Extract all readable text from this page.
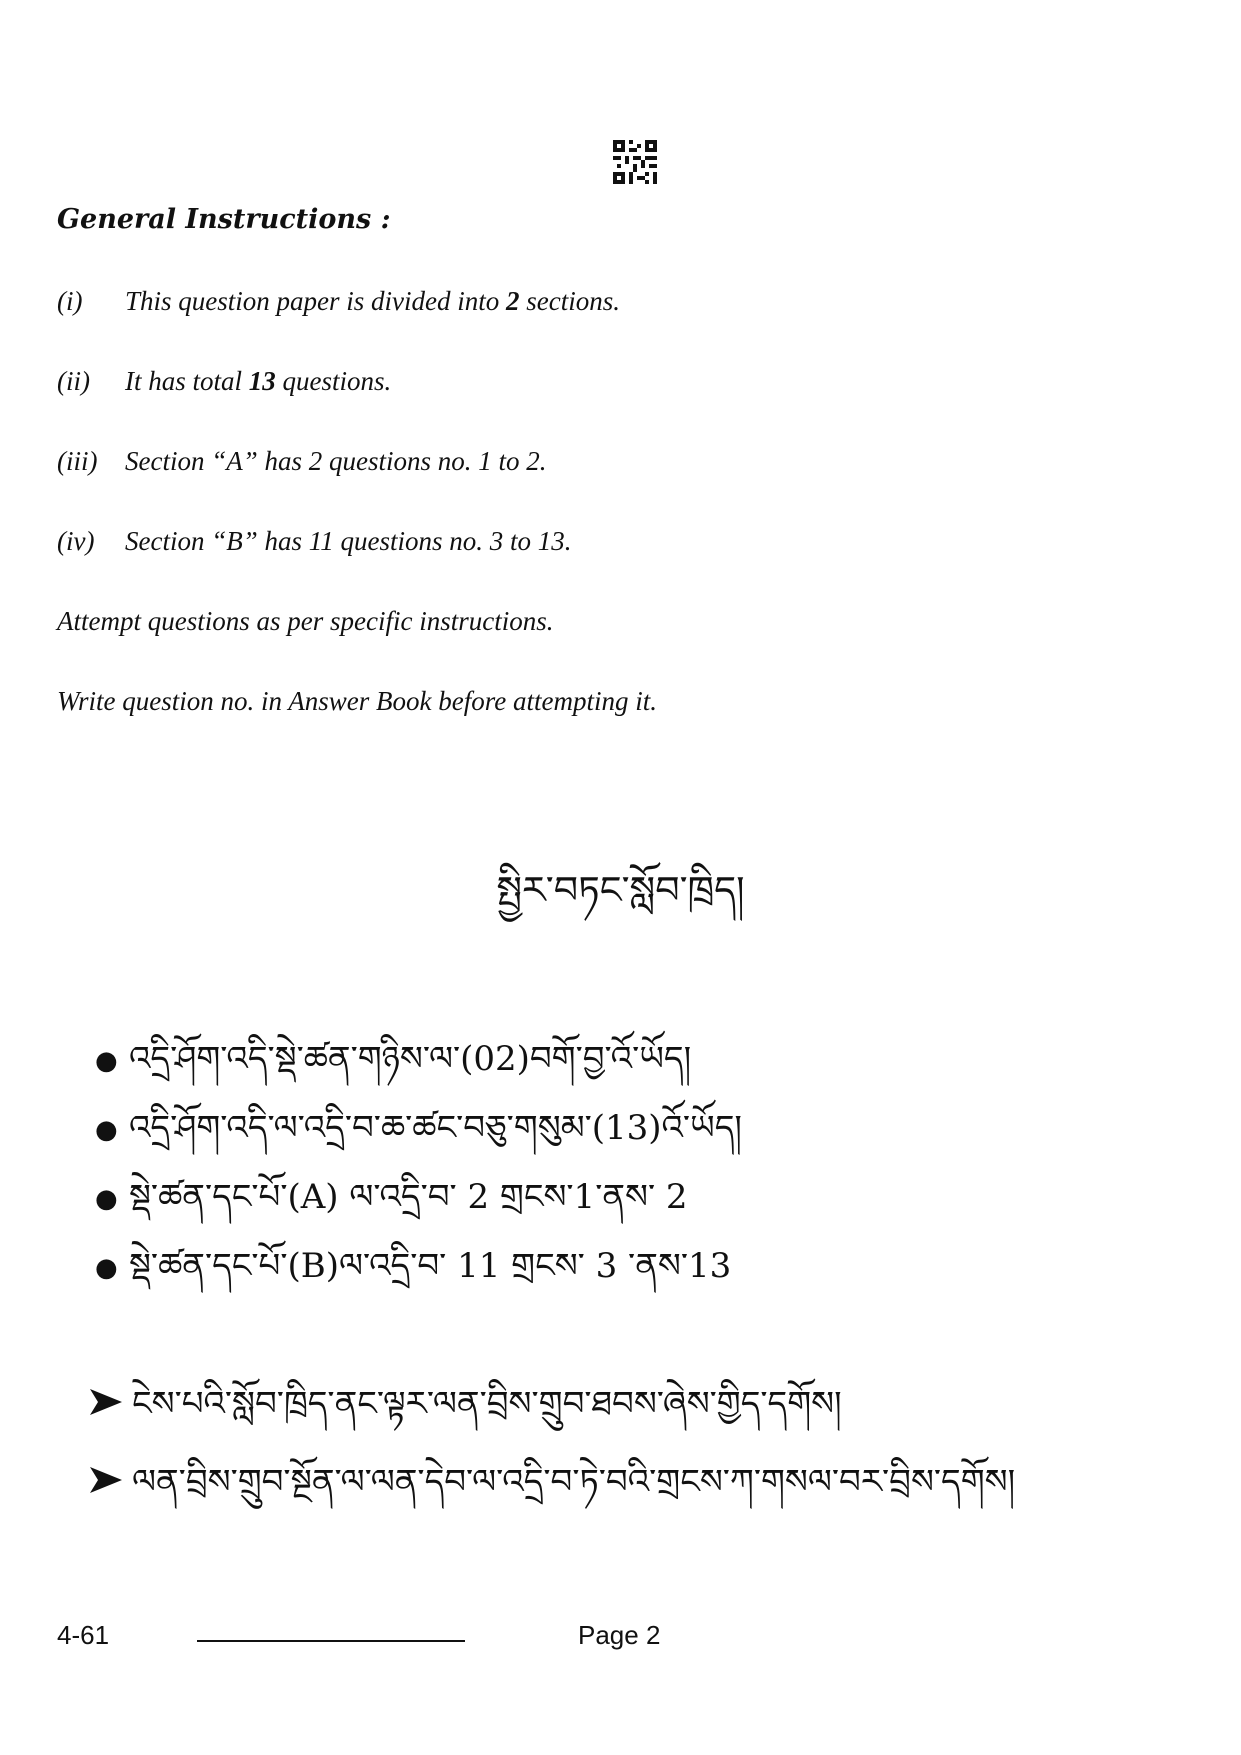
General Instructions :
(i) This question paper is divided into 2 sections.
(ii) It has total 13 questions.
(iii) Section “A” has 2 questions no. 1 to 2.
(iv) Section “B” has 11 questions no. 3 to 13.
Attempt questions as per specific instructions.
Write question no. in Answer Book before attempting it.
སྤྱིར་བཏང་སློབ་ཁྲིད།
● འདྲི་ཤོག་འདི་སྡེ་ཚན་གཉིས་ལ་(02)བགོ་བྱ་འོ་ཡོད།
● འདྲི་ཤོག་འདི་ལ་འདྲི་བ་ཆ་ཚང་བཅུ་གསུམ་(13)འོ་ཡོད།
● སྡེ་ཚན་དང་པོ་(A) ལ་འདྲི་བ་ 2 གྲངས་1་ནས་ 2
● སྡེ་ཚན་དང་པོ་(B)ལ་འདྲི་བ་ 11 གྲངས་ 3 ་ནས་13
ངེས་པའི་སློབ་ཁྲིད་ནང་ལྟར་ལན་བྲིས་གྲུབ་ཐབས་ཞེས་གྱིད་དགོས།
ལན་བྲིས་གྲུབ་སྔོན་ལ་ལན་དེབ་ལ་འདྲི་བ་ཏེ་བའི་གྲངས་ཀ་གསལ་བར་བྲིས་དགོས།
4-61	Page 2
